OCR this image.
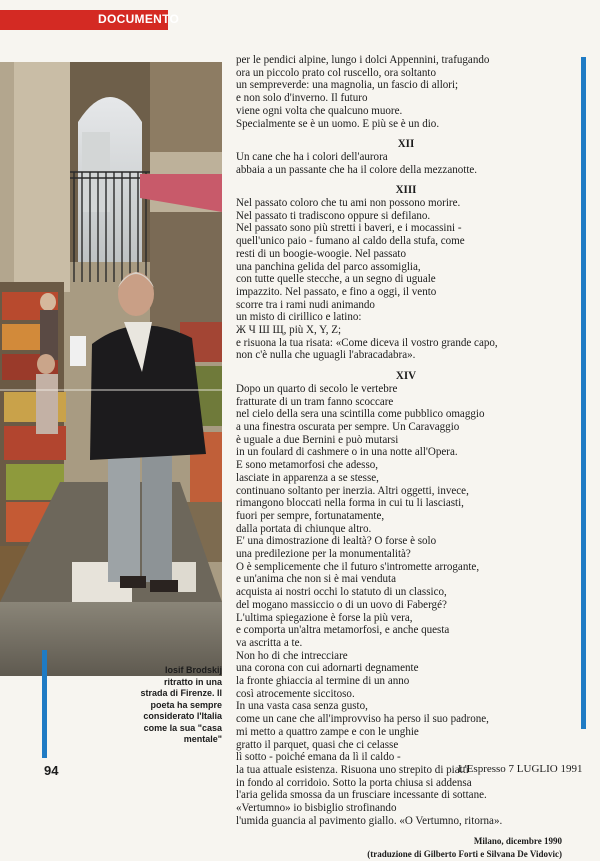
DOCUMENTO
Iosif Brodskij
ritratto in una
strada di Firenze. Il
poeta ha sempre
considerato l'Italia
come la sua "casa
mentale"
per le pendici alpine, lungo i dolci Appennini, trafugando
ora un piccolo prato col ruscello, ora soltanto
un sempreverde: una magnolia, un fascio di allori;
e non solo d'inverno. Il futuro
viene ogni volta che qualcuno muore.
Specialmente se è un uomo. E più se è un dio.
XII
Un cane che ha i colori dell'aurora
abbaia a un passante che ha il colore della mezzanotte.
XIII
Nel passato coloro che tu ami non possono morire.
Nel passato ti tradiscono oppure si defilano.
Nel passato sono più stretti i baveri, e i mocassini -
quell'unico paio - fumano al caldo della stufa, come
resti di un boogie-woogie. Nel passato
una panchina gelida del parco assomiglia,
con tutte quelle stecche, a un segno di uguale
impazzito. Nel passato, e fino a oggi, il vento
scorre tra i rami nudi animando
un misto di cirillico e latino:
Ж Ч Ш Щ, più X, Y, Z;
e risuona la tua risata: «Come diceva il vostro grande capo,
non c'è nulla che uguagli l'abracadabra».
XIV
Dopo un quarto di secolo le vertebre
fratturate di un tram fanno scoccare
nel cielo della sera una scintilla come pubblico omaggio
a una finestra oscurata per sempre. Un Caravaggio
è uguale a due Bernini e può mutarsi
in un foulard di cashmere o in una notte all'Opera.
E sono metamorfosi che adesso,
lasciate in apparenza a se stesse,
continuano soltanto per inerzia. Altri oggetti, invece,
rimangono bloccati nella forma in cui tu li lasciasti,
fuori per sempre, fortunatamente,
dalla portata di chiunque altro.
E' una dimostrazione di lealtà? O forse è solo
una predilezione per la monumentalità?
O è semplicemente che il futuro s'intromette arrogante,
e un'anima che non si è mai venduta
acquista ai nostri occhi lo statuto di un classico,
del mogano massiccio o di un uovo di Fabergé?
L'ultima spiegazione è forse la più vera,
e comporta un'altra metamorfosi, e anche questa
va ascritta a te.
Non ho di che intrecciare
una corona con cui adornarti degnamente
la fronte ghiaccia al termine di un anno
così atrocemente siccitoso.
In una vasta casa senza gusto,
come un cane che all'improvviso ha perso il suo padrone,
mi metto a quattro zampe e con le unghie
gratto il parquet, quasi che ci celasse
lì sotto - poiché emana da lì il caldo -
la tua attuale esistenza. Risuona uno strepito di piatti
in fondo al corridoio. Sotto la porta chiusa si addensa
l'aria gelida smossa da un frusciare incessante di sottane.
«Vertumno» io bisbiglio strofinando
l'umida guancia al pavimento giallo. «O Vertumno, ritorna».
Milano, dicembre 1990
(traduzione di Gilberto Forti e Silvana De Vidovic)
94	L'Espresso 7 LUGLIO 1991
